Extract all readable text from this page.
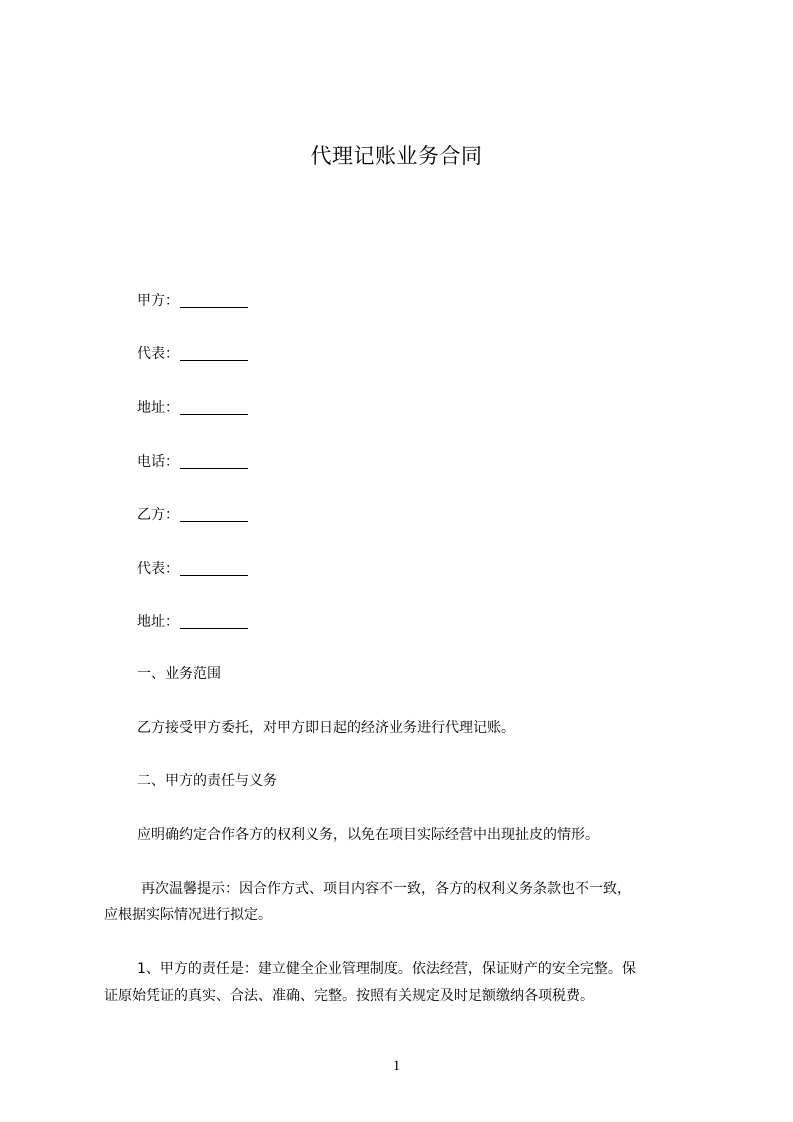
代理记账业务合同
甲方：
代表：
地址：
电话：
乙方：
代表：
地址：
一、业务范围
乙方接受甲方委托，对甲方即日起的经济业务进行代理记账。
二、甲方的责任与义务
应明确约定合作各方的权利义务，以免在项目实际经营中出现扯皮的情形。
再次温馨提示：因合作方式、项目内容不一致，各方的权利义务条款也不一致，
应根据实际情况进行拟定。
1、甲方的责任是：建立健全企业管理制度。依法经营，保证财产的安全完整。保
证原始凭证的真实、合法、准确、完整。按照有关规定及时足额缴纳各项税费。
1
